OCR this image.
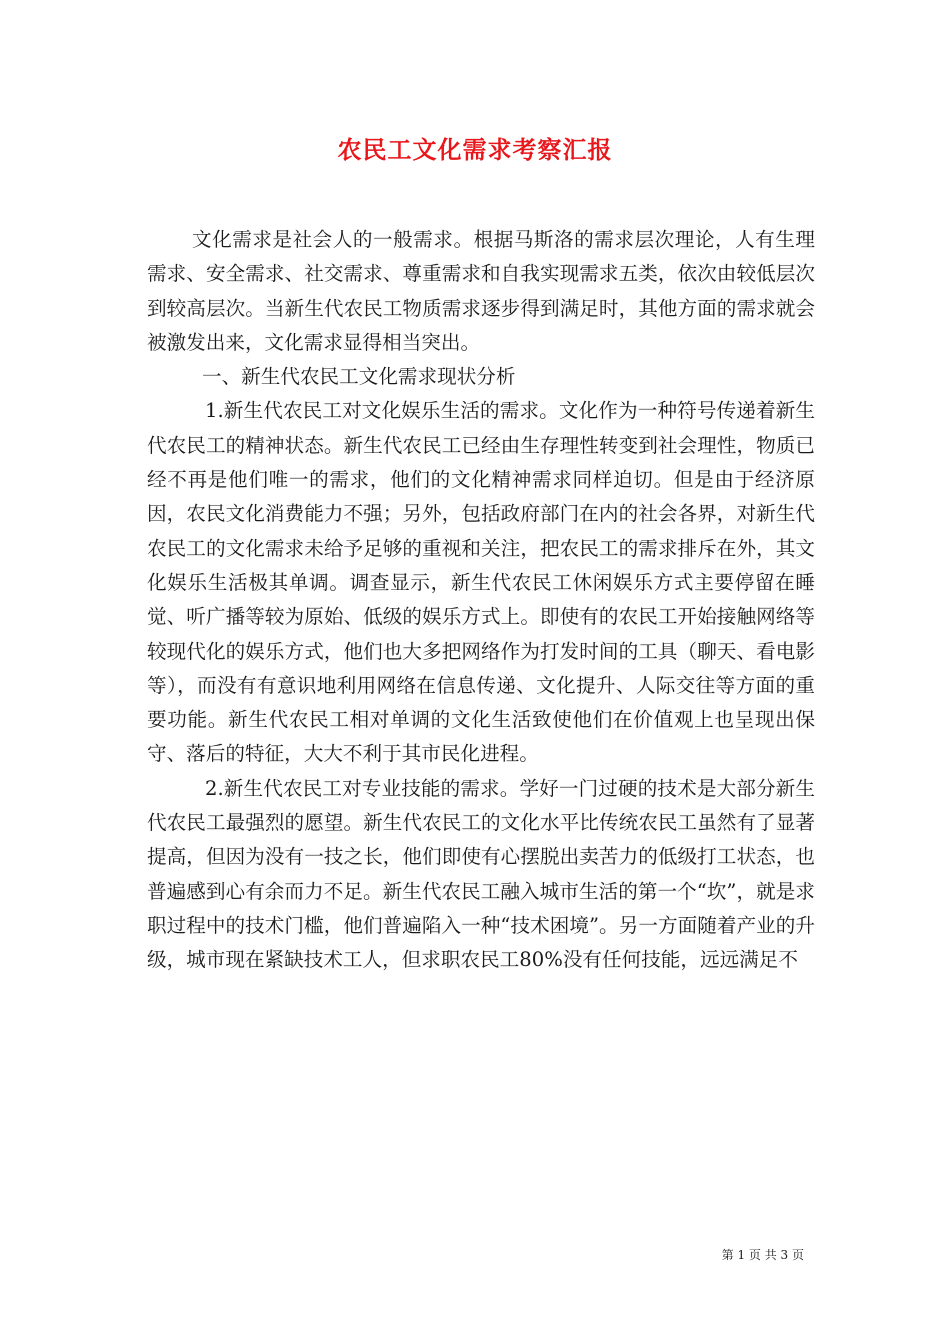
农民工文化需求考察汇报

文化需求是社会人的一般需求。根据马斯洛的需求层次理论，人有生理需求、安全需求、社交需求、尊重需求和自我实现需求五类，依次由较低层次到较高层次。当新生代农民工物质需求逐步得到满足时，其他方面的需求就会被激发出来，文化需求显得相当突出。

一、新生代农民工文化需求现状分析

1.新生代农民工对文化娱乐生活的需求。文化作为一种符号传递着新生代农民工的精神状态。新生代农民工已经由生存理性转变到社会理性，物质已经不再是他们唯一的需求，他们的文化精神需求同样迫切。但是由于经济原因，农民文化消费能力不强；另外，包括政府部门在内的社会各界，对新生代农民工的文化需求未给予足够的重视和关注，把农民工的需求排斥在外，其文化娱乐生活极其单调。调查显示，新生代农民工休闲娱乐方式主要停留在睡觉、听广播等较为原始、低级的娱乐方式上。即使有的农民工开始接触网络等较现代化的娱乐方式，他们也大多把网络作为打发时间的工具（聊天、看电影等），而没有有意识地利用网络在信息传递、文化提升、人际交往等方面的重要功能。新生代农民工相对单调的文化生活致使他们在价值观上也呈现出保守、落后的特征，大大不利于其市民化进程。

2.新生代农民工对专业技能的需求。学好一门过硬的技术是大部分新生代农民工最强烈的愿望。新生代农民工的文化水平比传统农民工虽然有了显著提高，但因为没有一技之长，他们即使有心摆脱出卖苦力的低级打工状态，也普遍感到心有余而力不足。新生代农民工融入城市生活的第一个“坎”，就是求职过程中的技术门槛，他们普遍陷入一种“技术困境”。另一方面随着产业的升级，城市现在紧缺技术工人，但求职农民工80%没有任何技能，远远满足不

第 1 页 共 3 页
